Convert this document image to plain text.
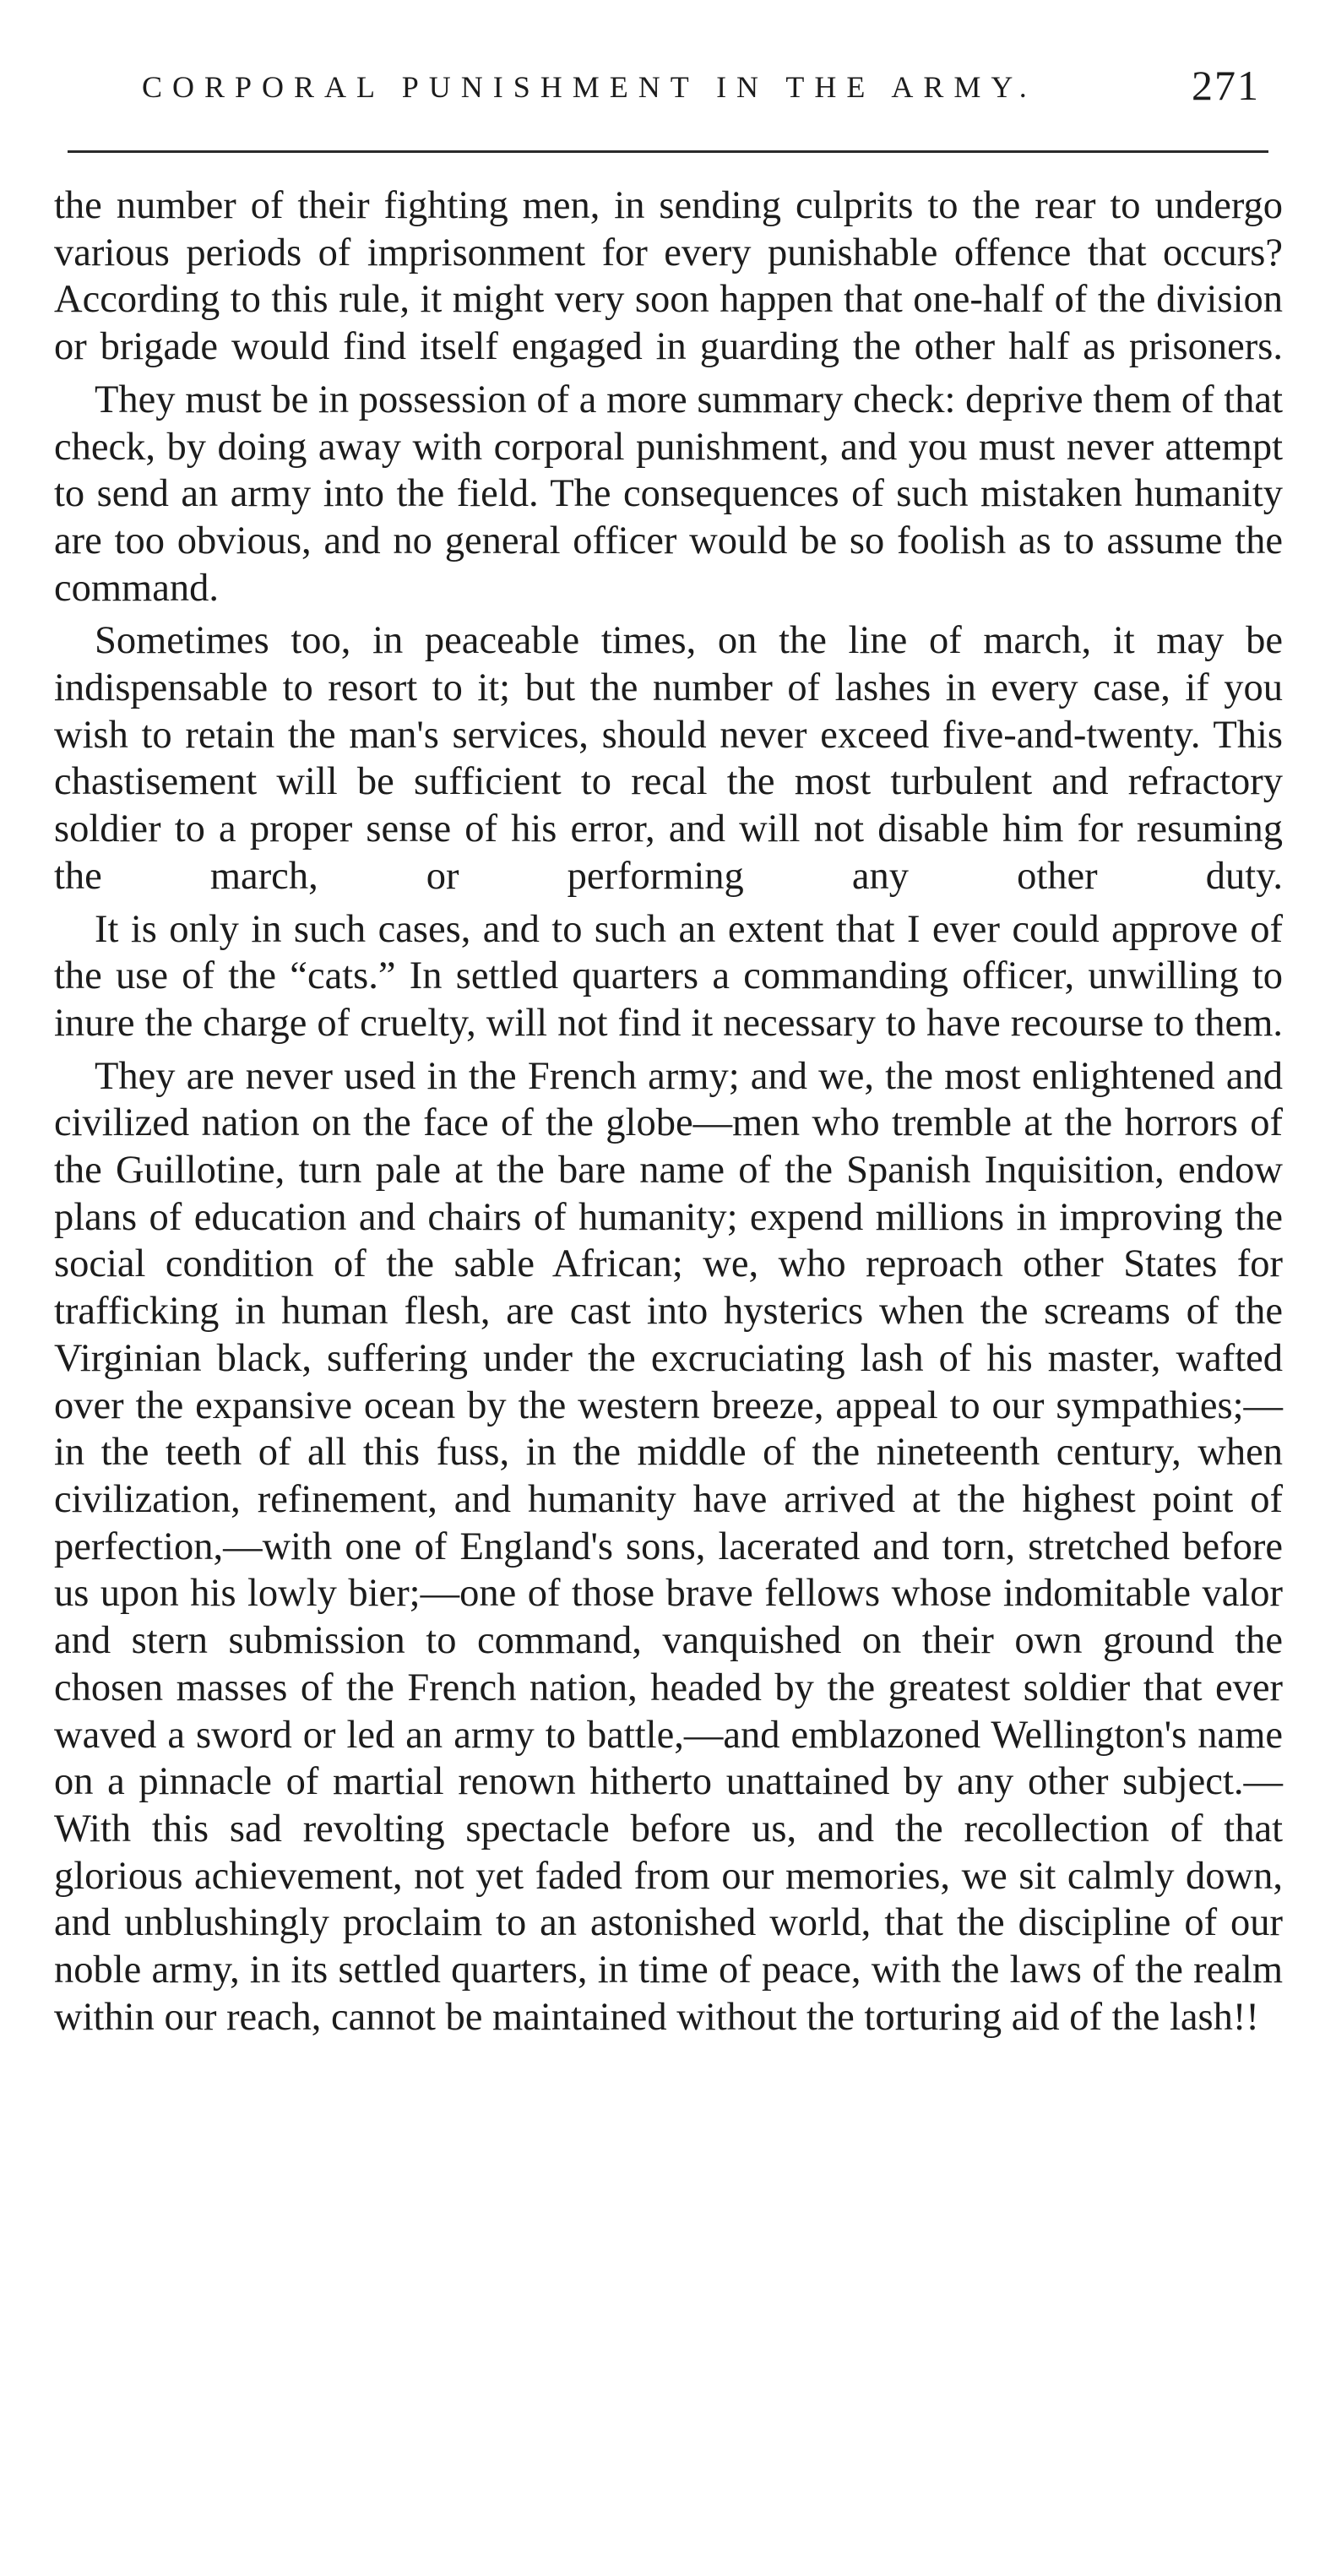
CORPORAL PUNISHMENT IN THE ARMY.	271

the number of their fighting men, in sending culprits to the rear to undergo various periods of imprisonment for every punishable offence that occurs? According to this rule, it might very soon happen that one-half of the division or brigade would find itself engaged in guarding the other half as prisoners.

They must be in possession of a more summary check: deprive them of that check, by doing away with corporal punishment, and you must never attempt to send an army into the field. The consequences of such mistaken humanity are too obvious, and no general officer would be so foolish as to assume the command.

Sometimes too, in peaceable times, on the line of march, it may be indispensable to resort to it; but the number of lashes in every case, if you wish to retain the man's services, should never exceed five-and-twenty. This chastisement will be sufficient to recal the most turbulent and refractory soldier to a proper sense of his error, and will not disable him for resuming the march, or performing any other duty.

It is only in such cases, and to such an extent that I ever could approve of the use of the “cats.” In settled quarters a commanding officer, unwilling to inure the charge of cruelty, will not find it necessary to have recourse to them.

They are never used in the French army; and we, the most enlightened and civilized nation on the face of the globe—men who tremble at the horrors of the Guillotine, turn pale at the bare name of the Spanish Inquisition, endow plans of education and chairs of humanity; expend millions in improving the social condition of the sable African; we, who reproach other States for trafficking in human flesh, are cast into hysterics when the screams of the Virginian black, suffering under the excruciating lash of his master, wafted over the expansive ocean by the western breeze, appeal to our sympathies;—in the teeth of all this fuss, in the middle of the nineteenth century, when civilization, refinement, and humanity have arrived at the highest point of perfection,—with one of England's sons, lacerated and torn, stretched before us upon his lowly bier;—one of those brave fellows whose indomitable valor and stern submission to command, vanquished on their own ground the chosen masses of the French nation, headed by the greatest soldier that ever waved a sword or led an army to battle,—and emblazoned Wellington's name on a pinnacle of martial renown hitherto unattained by any other subject.—With this sad revolting spectacle before us, and the recollection of that glorious achievement, not yet faded from our memories, we sit calmly down, and unblushingly proclaim to an astonished world, that the discipline of our noble army, in its settled quarters, in time of peace, with the laws of the realm within our reach, cannot be maintained without the torturing aid of the lash!!
